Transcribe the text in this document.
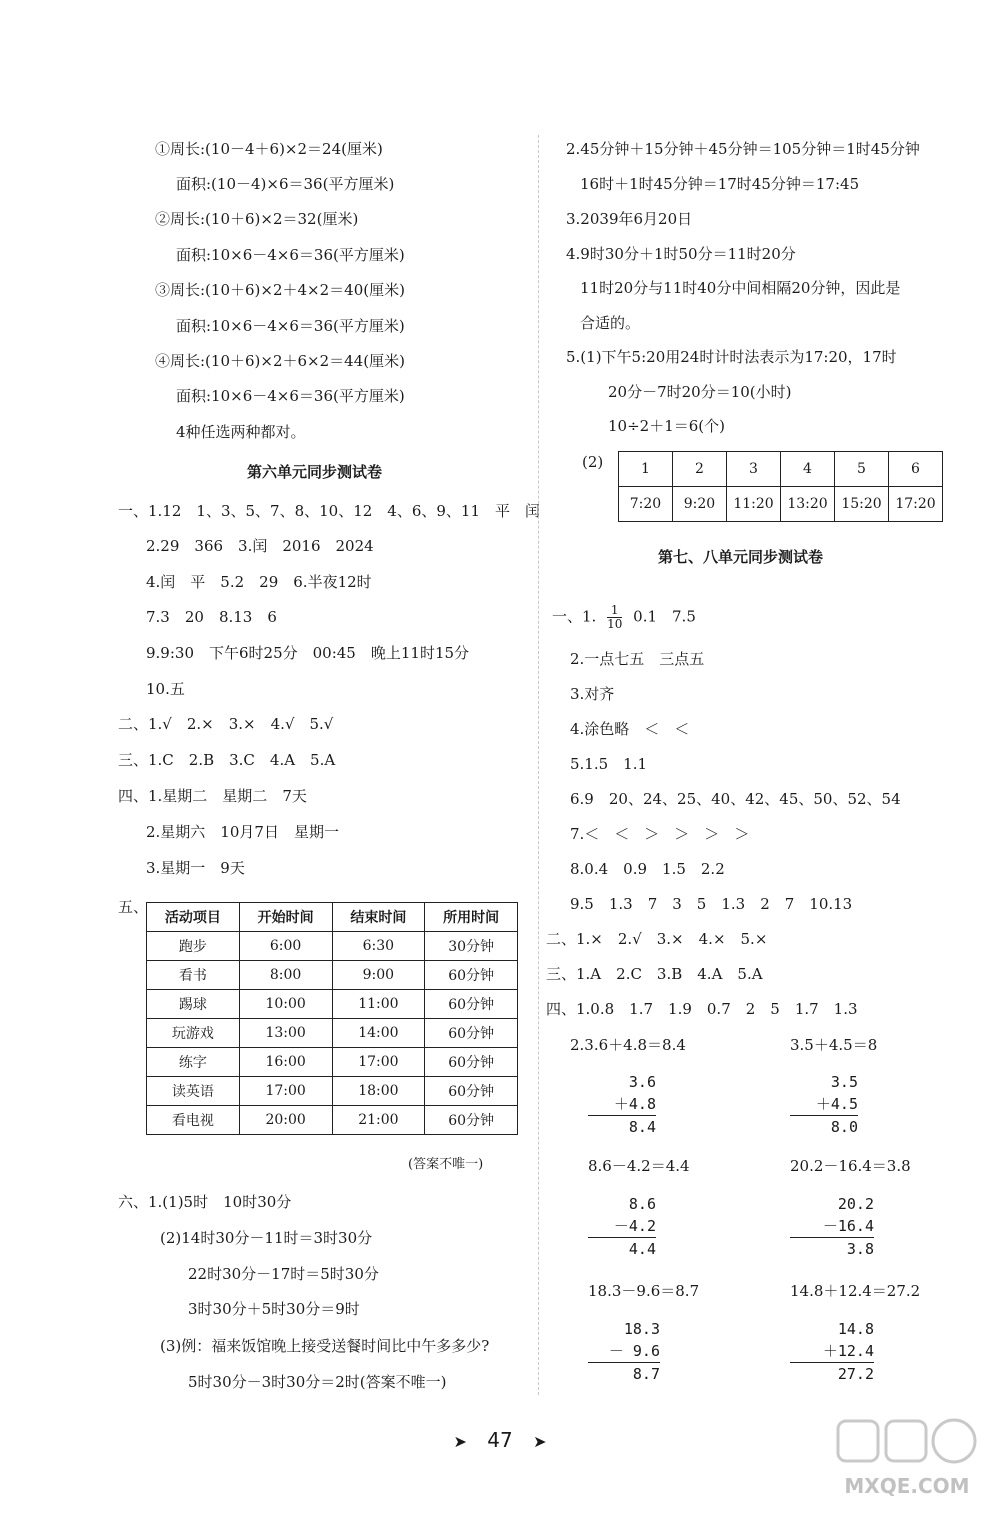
①周长:(10－4＋6)×2＝24(厘米)
面积:(10－4)×6＝36(平方厘米)
②周长:(10＋6)×2＝32(厘米)
面积:10×6－4×6＝36(平方厘米)
③周长:(10＋6)×2＋4×2＝40(厘米)
面积:10×6－4×6＝36(平方厘米)
④周长:(10＋6)×2＋6×2＝44(厘米)
面积:10×6－4×6＝36(平方厘米)
4种任选两种都对。
第六单元同步测试卷
一、1.12　1、3、5、7、8、10、12　4、6、9、11　平　闰
2.29　366　3.闰　2016　2024
4.闰　平　5.2　29　6.半夜12时
7.3　20　8.13　6
9.9:30　下午6时25分　00:45　晚上11时15分
10.五
二、1.√　2.×　3.×　4.√　5.√
三、1.C　2.B　3.C　4.A　5.A
四、1.星期二　星期二　7天
2.星期六　10月7日　星期一
3.星期一　9天
五、
活动项目	开始时间	结束时间	所用时间
跑步	6:00	6:30	30分钟
看书	8:00	9:00	60分钟
踢球	10:00	11:00	60分钟
玩游戏	13:00	14:00	60分钟
练字	16:00	17:00	60分钟
读英语	17:00	18:00	60分钟
看电视	20:00	21:00	60分钟
(答案不唯一)
六、1.(1)5时　10时30分
(2)14时30分－11时＝3时30分
22时30分－17时＝5时30分
3时30分＋5时30分＝9时
(3)例：福来饭馆晚上接受送餐时间比中午多多少?
5时30分－3时30分＝2时(答案不唯一)
2.45分钟＋15分钟＋45分钟＝105分钟＝1时45分钟
16时＋1时45分钟＝17时45分钟＝17:45
3.2039年6月20日
4.9时30分＋1时50分＝11时20分
11时20分与11时40分中间相隔20分钟，因此是
合适的。
5.(1)下午5:20用24时计时法表示为17:20，17时
20分－7时20分＝10(小时)
10÷2＋1＝6(个)
(2)	1	2	3	4	5	6
7:20	9:20	11:20	13:20	15:20	17:20
第七、八单元同步测试卷
一、1. $\frac{1}{10} 0.1$　7.5
2.一点七五　三点五
3.对齐
4.涂色略　＜　＜
5.1.5　1.1
6.9　20、24、25、40、42、45、50、52、54
7.＜　＜　＞　＞　＞　＞
8.0.4　0.9　1.5　2.2
9.5　1.3　7　3　5　1.3　2　7　10.13
二、1.×　2.√　3.×　4.×　5.×
三、1.A　2.C　3.B　4.A　5.A
四、1.0.8　1.7　1.9　0.7　2　5　1.7　1.3
2.3.6＋4.8＝8.4	3.5＋4.5＝8
3.6
＋4.8
8.4
3.5
＋4.5
8.0
8.6－4.2＝4.4	20.2－16.4＝3.8
8.6
－4.2
4.4
20.2
－16.4
3.8
18.3－9.6＝8.7	14.8＋12.4＝27.2
18.3
－ 9.6
8.7
14.8
＋12.4
27.2
➤ 47 ➤
MXQE.COM
